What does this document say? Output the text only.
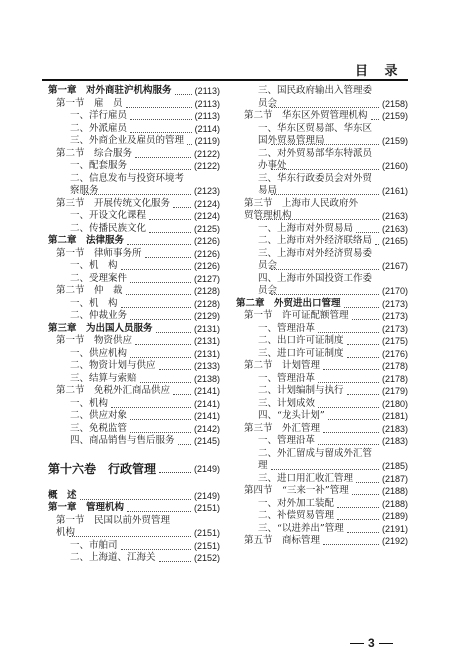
目 录
第一章　对外商驻沪机构服务	(2113)
第一节　雇　员	(2113)
一、洋行雇员	(2113)
二、外派雇员	(2114)
三、外商企业及雇员的管理 (2119)
第二节　综合服务	(2122)
一、配套服务	(2122)
二、信息发布与投资环境考察服务	(2123)
第三节　开展传统文化服务	(2124)
一、开设文化课程	(2124)
二、传播民族文化	(2125)
第二章　法律服务	(2126)
第一节　律师事务所	(2126)
一、机　构	(2126)
二、受理案件	(2127)
第二节　仲　裁	(2128)
一、机　构	(2128)
二、仲裁业务	(2129)
第三章　为出国人员服务	(2131)
第一节　物资供应	(2131)
一、供应机构	(2131)
二、物资计划与供应	(2133)
三、结算与索赔	(2138)
第二节　免税外汇商品供应	(2141)
一、机构	(2141)
二、供应对象	(2141)
三、免税监管	(2142)
四、商品销售与售后服务 (2145)
第十六卷　行政管理	(2149)
概　述	(2149)
第一章　管理机构	(2151)
第一节　民国以前外贸管理机构	(2151)
一、市舶司	(2151)
二、上海道、江海关	(2152)
三、国民政府输出入管理委员会	(2158)
第二节　华东区外贸管理机构 (2159)
一、华东区贸易部、华东区国外贸易管理局	(2159)
二、对外贸易部华东特派员办事处	(2160)
三、华东行政委员会对外贸易局	(2161)
第三节　上海市人民政府外贸管理机构	(2163)
一、上海市对外贸易局	(2163)
二、上海市对外经济联络局 (2165)
三、上海市对外经济贸易委员会	(2167)
四、上海市外国投资工作委员会	(2170)
第二章　外贸进出口管理	(2173)
第一节　许可证配额管理	(2173)
一、管理沿革	(2173)
二、出口许可证制度	(2175)
三、进口许可证制度	(2176)
第二节　计划管理	(2178)
一、管理沿革	(2178)
二、计划编制与执行	(2179)
三、计划成效	(2180)
四、“龙头计划”	(2181)
第三节　外汇管理	(2183)
一、管理沿革	(2183)
二、外汇留成与留成外汇管理	(2185)
三、进口用汇收汇管理	(2187)
第四节　“三来一补”管理	(2188)
一、对外加工装配	(2188)
二、补偿贸易管理	(2189)
三、“以进养出”管理	(2191)
第五节　商标管理	(2192)
3
